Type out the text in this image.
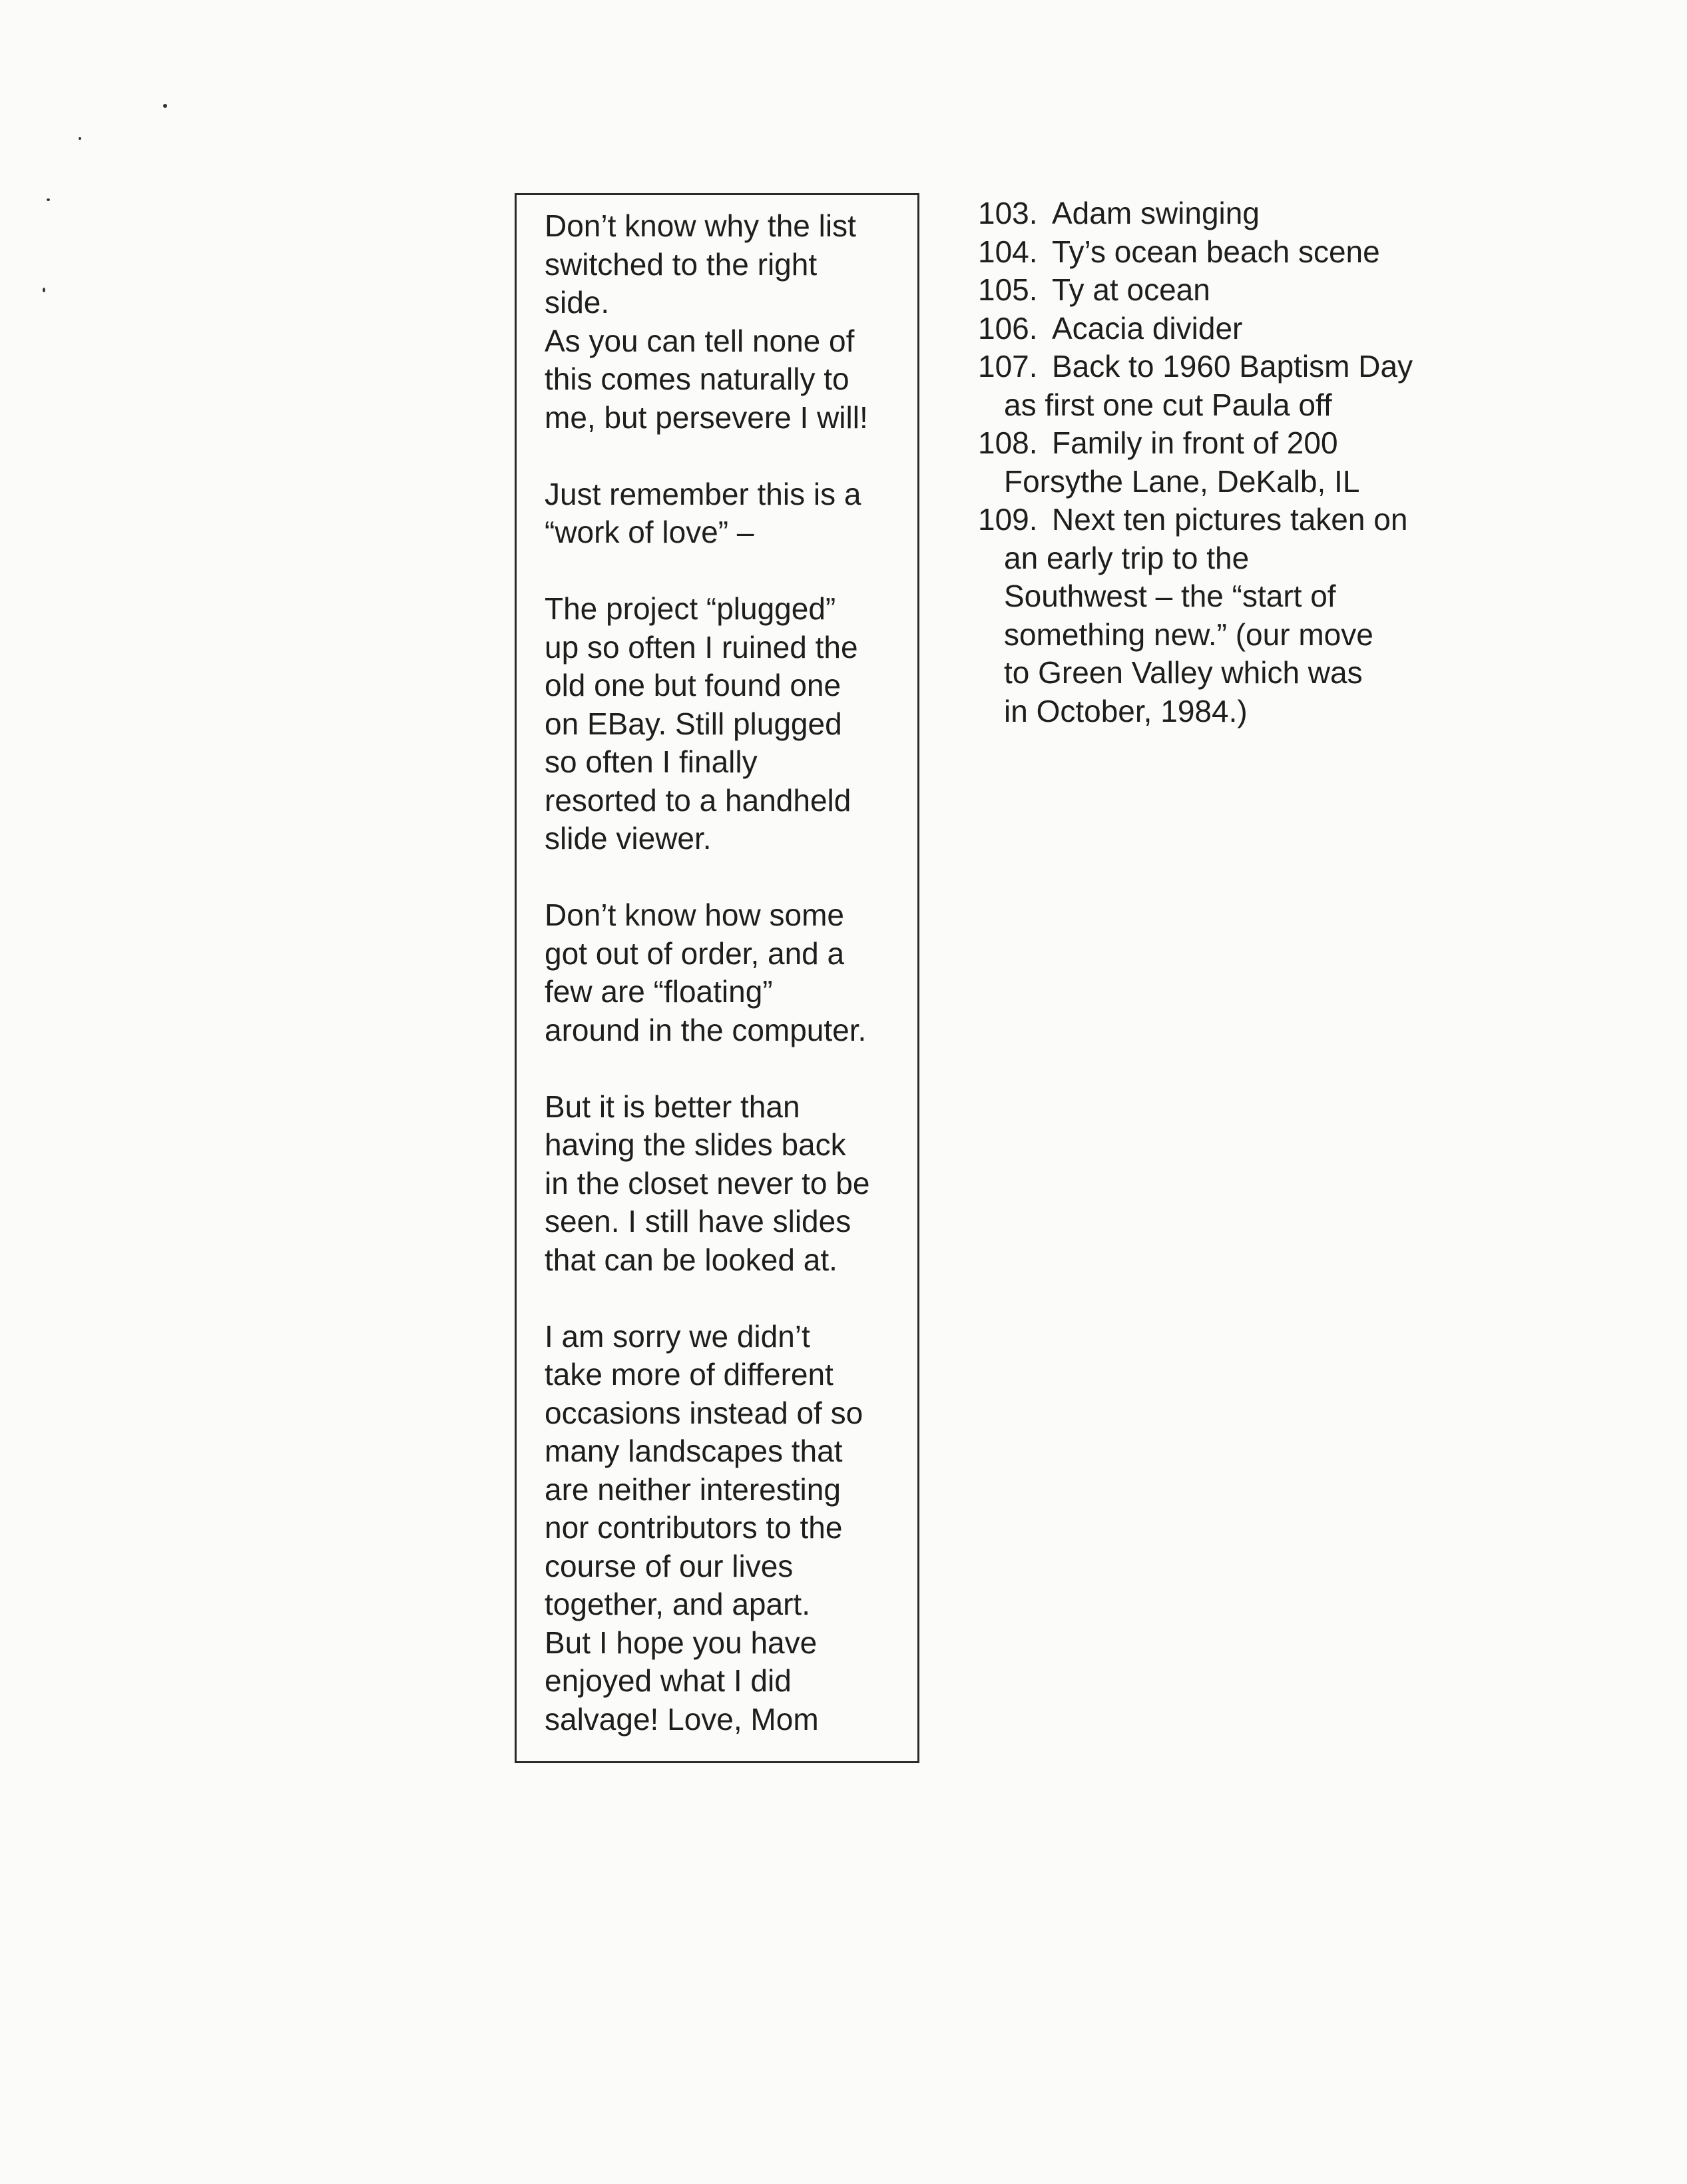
Don’t know why the list
switched to the right
side.
As you can tell none of
this comes naturally to
me, but persevere I will!
Just remember this is a
“work of love” –
The project “plugged”
up so often I ruined the
old one but found one
on EBay. Still plugged
so often I finally
resorted to a handheld
slide viewer.
Don’t know how some
got out of order, and a
few are “floating”
around in the computer.
But it is better than
having the slides back
in the closet never to be
seen. I still have slides
that can be looked at.
I am sorry we didn’t
take more of different
occasions instead of so
many landscapes that
are neither interesting
nor contributors to the
course of our lives
together, and apart.
But I hope you have
enjoyed what I did
salvage! Love, Mom
103. Adam swinging
104. Ty’s ocean beach scene
105. Ty at ocean
106. Acacia divider
107. Back to 1960 Baptism Day
as first one cut Paula off
108. Family in front of 200
Forsythe Lane, DeKalb, IL
109. Next ten pictures taken on
an early trip to the
Southwest – the “start of
something new.” (our move
to Green Valley which was
in October, 1984.)
